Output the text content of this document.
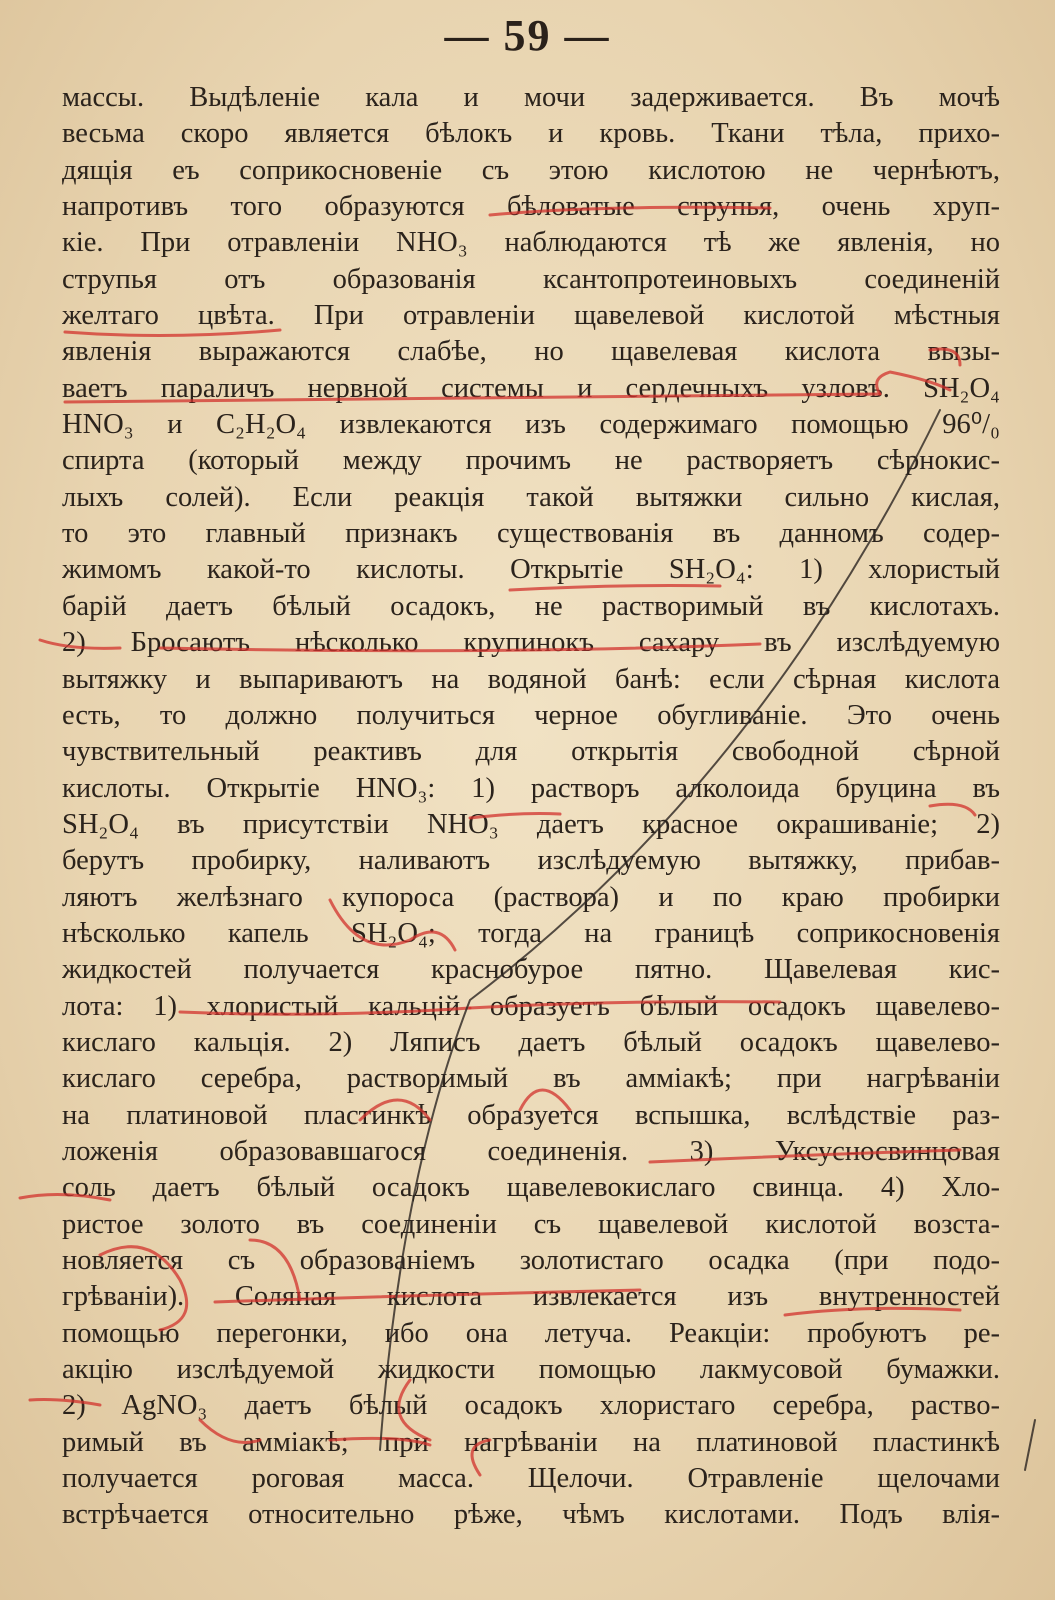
— 59 —
массы. Выдѣленіе кала и мочи задерживается. Въ мочѣ
весьма скоро является бѣлокъ и кровь. Ткани тѣла, прихо-
дящія еъ соприкосновеніе съ этою кислотою не чернѣютъ,
напротивъ того образуются бѣловатые струпья, очень хруп-
кіе. При отравленіи NHO₃ наблюдаются тѣ же явленія, но
струпья отъ образованія ксантопротеиновыхъ соединеній
желтаго цвѣта. При отравленіи щавелевой кислотой мѣстныя
явленія выражаются слабѣе, но щавелевая кислота вызы-
ваетъ параличъ нервной системы и сердечныхъ узловъ. SH₂O₄
HNO₃ и C₂H₂O₄ извлекаются изъ содержимаго помощью 96⁰/₀
спирта (который между прочимъ не растворяетъ сѣрнокис-
лыхъ солей). Если реакція такой вытяжки сильно кислая,
то это главный признакъ существованія въ данномъ содер-
жимомъ какой-то кислоты. Открытіе SH₂O₄: 1) хлористый
барій даетъ бѣлый осадокъ, не растворимый въ кислотахъ.
2) Бросаютъ нѣсколько крупинокъ сахару въ изслѣдуемую
вытяжку и выпариваютъ на водяной банѣ: если сѣрная кислота
есть, то должно получиться черное обугливаніе. Это очень
чувствительный реактивъ для открытія свободной сѣрной
кислоты. Открытіе HNO₃: 1) растворъ алколоида бруцина въ
SH₂O₄ въ присутствіи NHO₃ даетъ красное окрашиваніе; 2)
берутъ пробирку, наливаютъ изслѣдуемую вытяжку, прибав-
ляютъ желѣзнаго купороса (раствора) и по краю пробирки
нѣсколько капель SH₂O₄; тогда на границѣ соприкосновенія
жидкостей получается краснобурое пятно. Щавелевая кис-
лота: 1) хлористый кальцій образуетъ бѣлый осадокъ щавелево-
кислаго кальція. 2) Ляписъ даетъ бѣлый осадокъ щавелево-
кислаго серебра, растворимый въ амміакѣ; при нагрѣваніи
на платиновой пластинкѣ образуется вспышка, вслѣдствіе раз-
ложенія образовавшагося соединенія. 3) Уксусносвинцовая
соль даетъ бѣлый осадокъ щавелевокислаго свинца. 4) Хло-
ристое золото въ соединеніи съ щавелевой кислотой возста-
новляется съ образованіемъ золотистаго осадка (при подо-
грѣваніи). Соляная кислота извлекается изъ внутренностей
помощью перегонки, ибо она летуча. Реакціи: пробуютъ ре-
акцію изслѣдуемой жидкости помощью лакмусовой бумажки.
2) AgNO₃ даетъ бѣлый осадокъ хлористаго серебра, раство-
римый въ амміакѣ; при нагрѣваніи на платиновой пластинкѣ
получается роговая масса. Щелочи. Отравленіе щелочами
встрѣчается относительно рѣже, чѣмъ кислотами. Подъ влія-
